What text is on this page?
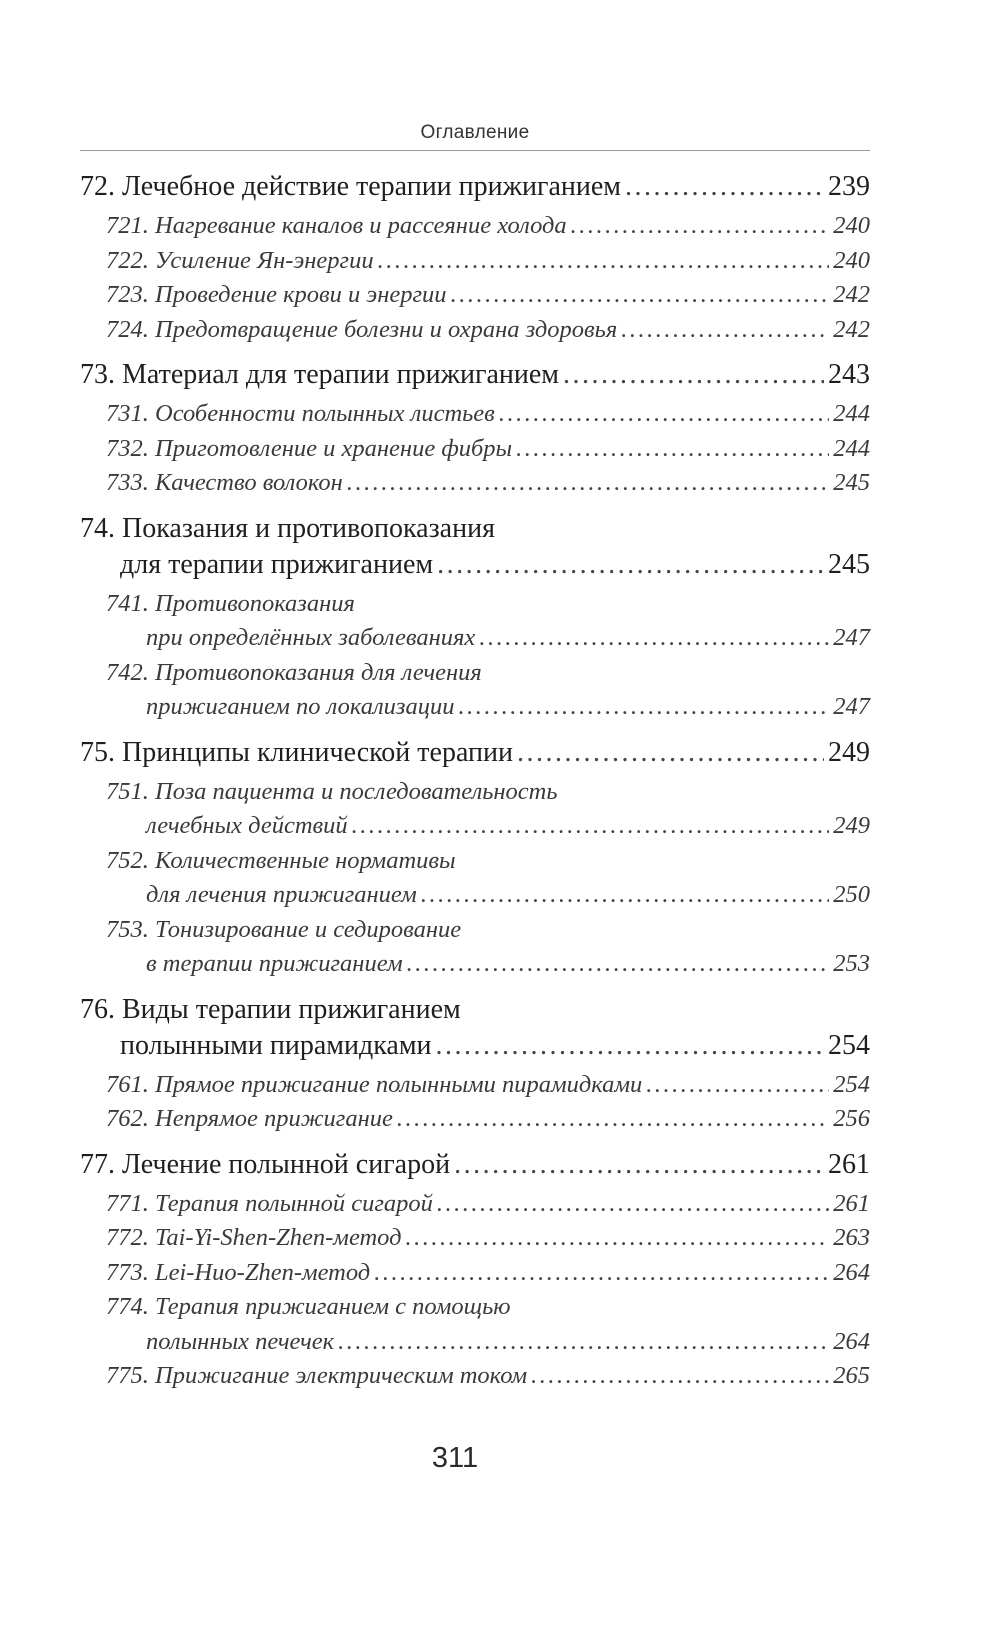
Оглавление
72. Лечебное действие терапии прижиганием .....	239
721. Нагревание каналов и рассеяние холода .....	240
722. Усиление Ян-энергии .....	240
723. Проведение крови и энергии .....	242
724. Предотвращение болезни и охрана здоровья .....	242
73. Материал для терапии прижиганием .....	243
731. Особенности полынных листьев .....	244
732. Приготовление и хранение фибры .....	244
733. Качество волокон .....	245
74. Показания и противопоказания
для терапии прижиганием .....	245
741. Противопоказания
при определённых заболеваниях .....	247
742. Противопоказания для лечения
прижиганием по локализации .....	247
75. Принципы клинической терапии .....	249
751. Поза пациента и последовательность
лечебных действий .....	249
752. Количественные нормативы
для лечения прижиганием .....	250
753. Тонизирование и седирование
в терапии прижиганием .....	253
76. Виды терапии прижиганием
полынными пирамидками .....	254
761. Прямое прижигание полынными пирамидками .....	254
762. Непрямое прижигание .....	256
77. Лечение полынной сигарой .....	261
771. Терапия полынной сигарой .....	261
772. Tai-Yi-Shen-Zhen-метод .....	263
773. Lei-Huo-Zhen-метод .....	264
774. Терапия прижиганием с помощью
полынных печечек .....	264
775. Прижигание электрическим током .....	265
311
